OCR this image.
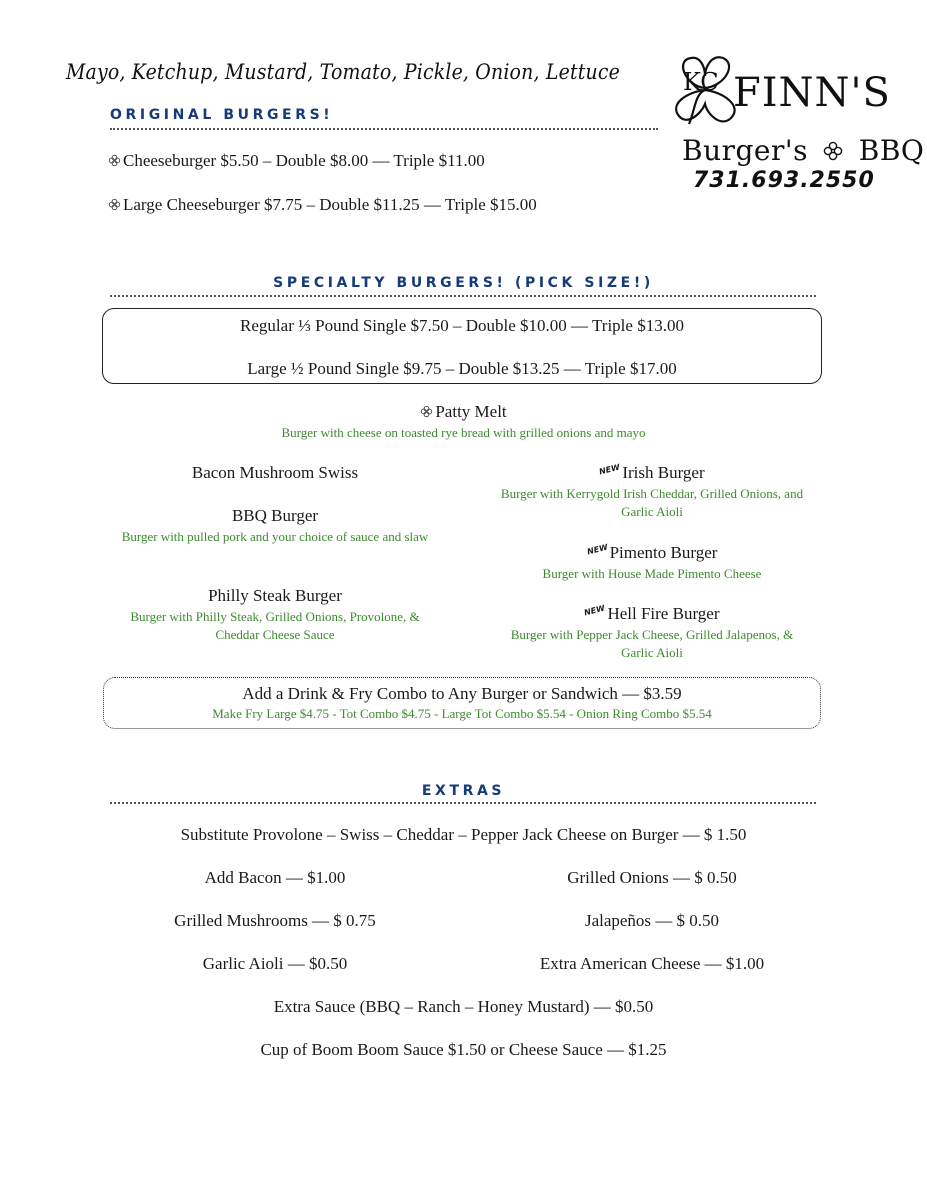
Mayo, Ketchup, Mustard, Tomato, Pickle, Onion, Lettuce	KC FINN'S
Burger's BBQ
731.693.2550
ORIGINAL BURGERS!
Cheeseburger $5.50 – Double $8.00 — Triple $11.00
Large Cheeseburger $7.75 – Double $11.25 — Triple $15.00
SPECIALTY BURGERS! (PICK SIZE!)
Regular ⅓ Pound Single $7.50 – Double $10.00 — Triple $13.00
Large ½ Pound Single $9.75 – Double $13.25 — Triple $17.00
Patty Melt
Burger with cheese on toasted rye bread with grilled onions and mayo
Bacon Mushroom Swiss
BBQ Burger
Burger with pulled pork and your choice of sauce and slaw
Philly Steak Burger
Burger with Philly Steak, Grilled Onions, Provolone, & Cheddar Cheese Sauce
NEWIrish Burger
Burger with Kerrygold Irish Cheddar, Grilled Onions, and Garlic Aioli
NEWPimento Burger
Burger with House Made Pimento Cheese
NEWHell Fire Burger
Burger with Pepper Jack Cheese, Grilled Jalapenos, & Garlic Aioli
Add a Drink & Fry Combo to Any Burger or Sandwich — $3.59
Make Fry Large $4.75 - Tot Combo $4.75 - Large Tot Combo $5.54 - Onion Ring Combo $5.54
EXTRAS
Substitute Provolone – Swiss – Cheddar – Pepper Jack Cheese on Burger — $ 1.50
Add Bacon — $1.00
Grilled Mushrooms — $ 0.75
Garlic Aioli — $0.50
Grilled Onions — $ 0.50
Jalapeños — $ 0.50
Extra American Cheese — $1.00
Extra Sauce (BBQ – Ranch – Honey Mustard) — $0.50
Cup of Boom Boom Sauce $1.50 or Cheese Sauce — $1.25
